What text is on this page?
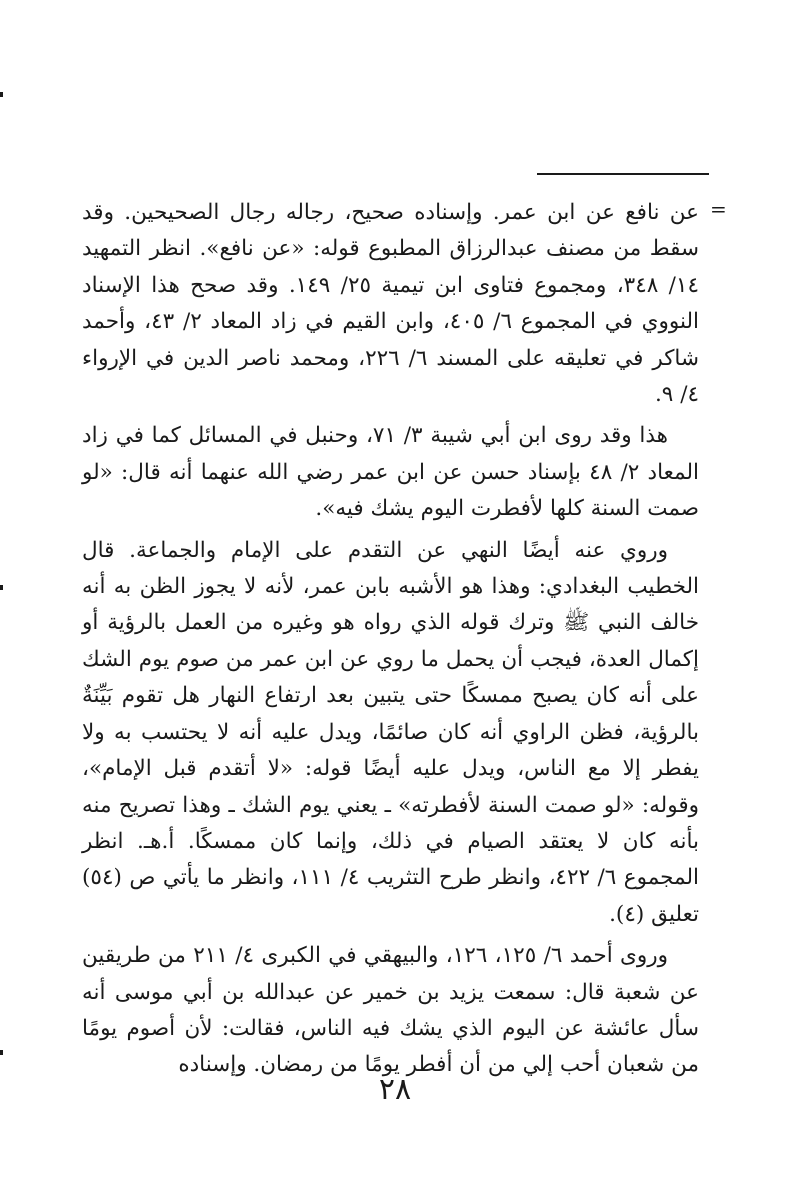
=

عن نافع عن ابن عمر. وإسناده صحيح، رجاله رجال الصحيحين. وقد سقط من مصنف عبدالرزاق المطبوع قوله: «عن نافع». انظر التمهيد ١٤/ ٣٤٨، ومجموع فتاوى ابن تيمية ٢٥/ ١٤٩. وقد صحح هذا الإسناد النووي في المجموع ٦/ ٤٠٥، وابن القيم في زاد المعاد ٢/ ٤٣، وأحمد شاكر في تعليقه على المسند ٦/ ٢٢٦، ومحمد ناصر الدين في الإرواء ٤/ ٩.

هذا وقد روى ابن أبي شيبة ٣/ ٧١، وحنبل في المسائل كما في زاد المعاد ٢/ ٤٨ بإسناد حسن عن ابن عمر رضي الله عنهما أنه قال: «لو صمت السنة كلها لأفطرت اليوم يشك فيه».

وروي عنه أيضًا النهي عن التقدم على الإمام والجماعة. قال الخطيب البغدادي: وهذا هو الأشبه بابن عمر، لأنه لا يجوز الظن به أنه خالف النبي ﷺ وترك قوله الذي رواه هو وغيره من العمل بالرؤية أو إكمال العدة، فيجب أن يحمل ما روي عن ابن عمر من صوم يوم الشك على أنه كان يصبح ممسكًا حتى يتبين بعد ارتفاع النهار هل تقوم بَيِّنَةٌ بالرؤية، فظن الراوي أنه كان صائمًا، ويدل عليه أنه لا يحتسب به ولا يفطر إلا مع الناس، ويدل عليه أيضًا قوله: «لا أتقدم قبل الإمام»، وقوله: «لو صمت السنة لأفطرته» ـ يعني يوم الشك ـ وهذا تصريح منه بأنه كان لا يعتقد الصيام في ذلك، وإنما كان ممسكًا. أ.هـ. انظر المجموع ٦/ ٤٢٢، وانظر طرح التثريب ٤/ ١١١، وانظر ما يأتي ص (٥٤) تعليق (٤).

وروى أحمد ٦/ ١٢٥، ١٢٦، والبيهقي في الكبرى ٤/ ٢١١ من طريقين عن شعبة قال: سمعت يزيد بن خمير عن عبدالله بن أبي موسى أنه سأل عائشة عن اليوم الذي يشك فيه الناس، فقالت: لأن أصوم يومًا من شعبان أحب إلي من أن أفطر يومًا من رمضان. وإسناده

٢٨
